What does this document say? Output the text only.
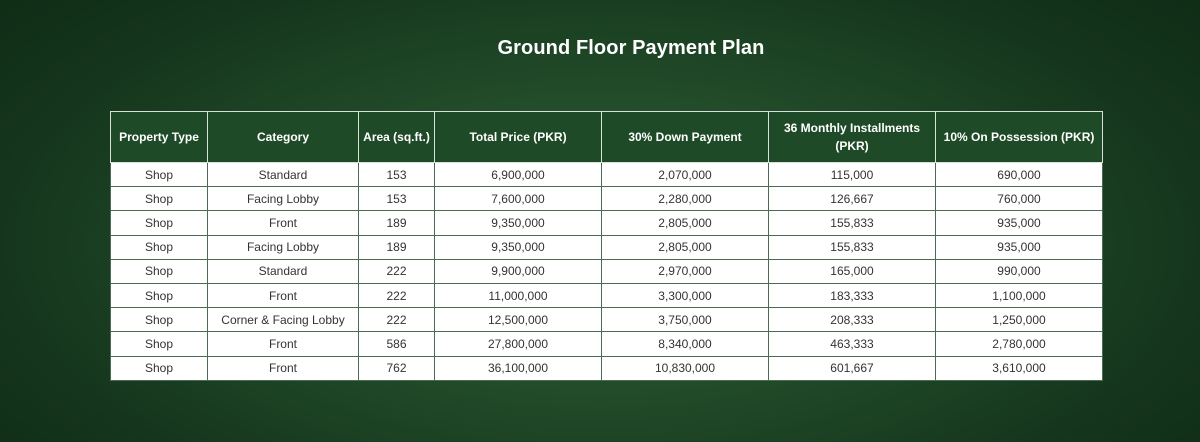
Ground Floor Payment Plan
Property Type	Category	Area (sq.ft.)	Total Price (PKR)	30% Down Payment	36 Monthly Installments (PKR)	10% On Possession (PKR)
Shop	Standard	153	6,900,000	2,070,000	115,000	690,000
Shop	Facing Lobby	153	7,600,000	2,280,000	126,667	760,000
Shop	Front	189	9,350,000	2,805,000	155,833	935,000
Shop	Facing Lobby	189	9,350,000	2,805,000	155,833	935,000
Shop	Standard	222	9,900,000	2,970,000	165,000	990,000
Shop	Front	222	11,000,000	3,300,000	183,333	1,100,000
Shop	Corner & Facing Lobby	222	12,500,000	3,750,000	208,333	1,250,000
Shop	Front	586	27,800,000	8,340,000	463,333	2,780,000
Shop	Front	762	36,100,000	10,830,000	601,667	3,610,000
